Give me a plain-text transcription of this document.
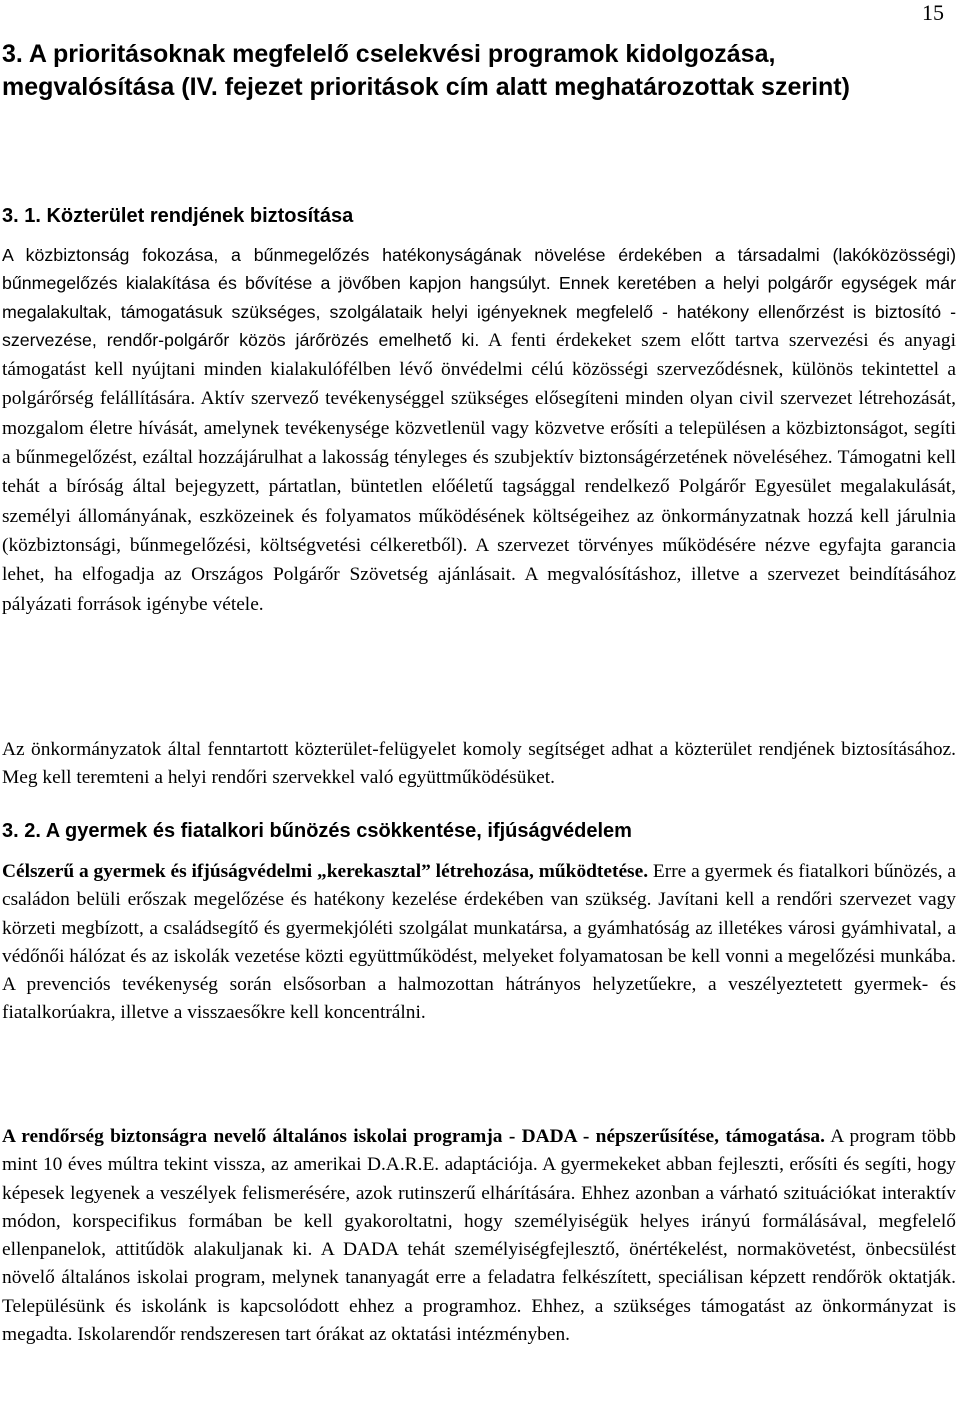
15
3. A prioritásoknak megfelelő cselekvési programok kidolgozása, megvalósítása (IV. fejezet prioritások cím alatt meghatározottak szerint)
3. 1. Közterület rendjének biztosítása

A közbiztonság fokozása, a bűnmegelőzés hatékonyságának növelése érdekében a társadalmi (lakóközösségi) bűnmegelőzés kialakítása és bővítése a jövőben kapjon hangsúlyt. Ennek keretében a helyi polgárőr egységek már megalakultak, támogatásuk szükséges, szolgálataik helyi igényeknek megfelelő - hatékony ellenőrzést is biztosító - szervezése, rendőr-polgárőr közös járőrözés emelhető ki. A fenti érdekeket szem előtt tartva szervezési és anyagi támogatást kell nyújtani minden kialakulófélben lévő önvédelmi célú közösségi szerveződésnek, különös tekintettel a polgárőrség felállítására. Aktív szervező tevékenységgel szükséges elősegíteni minden olyan civil szervezet létrehozását, mozgalom életre hívását, amelynek tevékenysége közvetlenül vagy közvetve erősíti a településen a közbiztonságot, segíti a bűnmegelőzést, ezáltal hozzájárulhat a lakosság tényleges és szubjektív biztonságérzetének növeléséhez. Támogatni kell tehát a bíróság által bejegyzett, pártatlan, büntetlen előéletű tagsággal rendelkező Polgárőr Egyesület megalakulását, személyi állományának, eszközeinek és folyamatos működésének költségeihez az önkormányzatnak hozzá kell járulnia (közbiztonsági, bűnmegelőzési, költségvetési célkeretből). A szervezet törvényes működésére nézve egyfajta garancia lehet, ha elfogadja az Országos Polgárőr Szövetség ajánlásait. A megvalósításhoz, illetve a szervezet beindításához pályázati források igénybe vétele.

Az önkormányzatok által fenntartott közterület-felügyelet komoly segítséget adhat a közterület rendjének biztosításához. Meg kell teremteni a helyi rendőri szervekkel való együttműködésüket.

3. 2. A gyermek és fiatalkori bűnözés csökkentése, ifjúságvédelem

Célszerű a gyermek és ifjúságvédelmi „kerekasztal” létrehozása, működtetése. Erre a gyermek és fiatalkori bűnözés, a családon belüli erőszak megelőzése és hatékony kezelése érdekében van szükség. Javítani kell a rendőri szervezet vagy körzeti megbízott, a családsegítő és gyermekjóléti szolgálat munkatársa, a gyámhatóság az illetékes városi gyámhivatal, a védőnői hálózat és az iskolák vezetése közti együttműködést, melyeket folyamatosan be kell vonni a megelőzési munkába. A prevenciós tevékenység során elsősorban a halmozottan hátrányos helyzetűekre, a veszélyeztetett gyermek- és fiatalkorúakra, illetve a visszaesőkre kell koncentrálni.

A rendőrség biztonságra nevelő általános iskolai programja - DADA - népszerűsítése, támogatása. A program több mint 10 éves múltra tekint vissza, az amerikai D.A.R.E. adaptációja. A gyermekeket abban fejleszti, erősíti és segíti, hogy képesek legyenek a veszélyek felismerésére, azok rutinszerű elhárítására. Ehhez azonban a várható szituációkat interaktív módon, korspecifikus formában be kell gyakoroltatni, hogy személyiségük helyes irányú formálásával, megfelelő ellenpanelok, attitűdök alakuljanak ki. A DADA tehát személyiségfejlesztő, önértékelést, normakövetést, önbecsülést növelő általános iskolai program, melynek tananyagát erre a feladatra felkészített, speciálisan képzett rendőrök oktatják. Településünk és iskolánk is kapcsolódott ehhez a programhoz. Ehhez, a szükséges támogatást az önkormányzat is megadta. Iskolarendőr rendszeresen tart órákat az oktatási intézményben.
